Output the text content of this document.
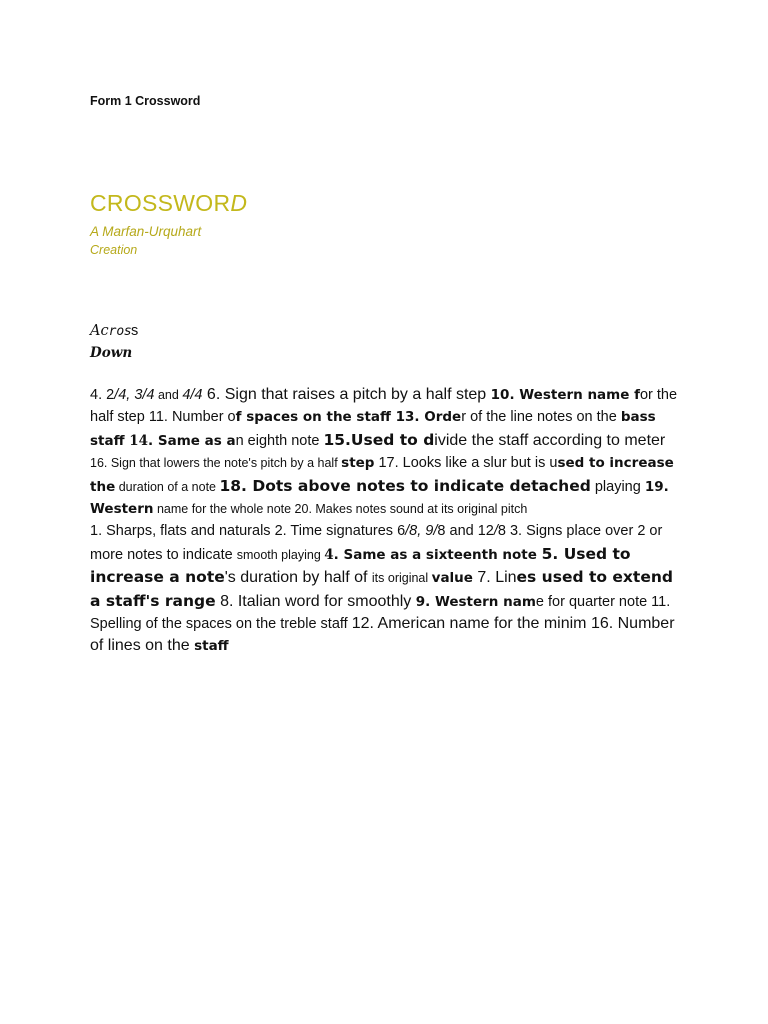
Form 1 Crossword
CROSSWORD
A Marfan-Urquhart
Creation
Across
Down

4. 2/4, 3/4 and 4/4 6. Sign that raises a pitch by a half step 10. Western name for the half step 11. Number of spaces on the staff 13. Order of the line notes on the bass staff 14. Same as an eighth note 15.Used to divide the staff according to meter 16. Sign that lowers the note's pitch by a half step 17. Looks like a slur but is used to increase the duration of a note 18. Dots above notes to indicate detached playing 19. Western name for the whole note 20. Makes notes sound at its original pitch

1. Sharps, flats and naturals 2. Time signatures 6/8, 9/8 and 12/8 3. Signs place over 2 or more notes to indicate smooth playing 4. Same as a sixteenth note 5. Used to increase a note's duration by half of its original value 7. Lines used to extend a staff's range 8. Italian word for smoothly 9. Western name for quarter note 11. Spelling of the spaces on the treble staff 12. American name for the minim 16. Number of lines on the staff
